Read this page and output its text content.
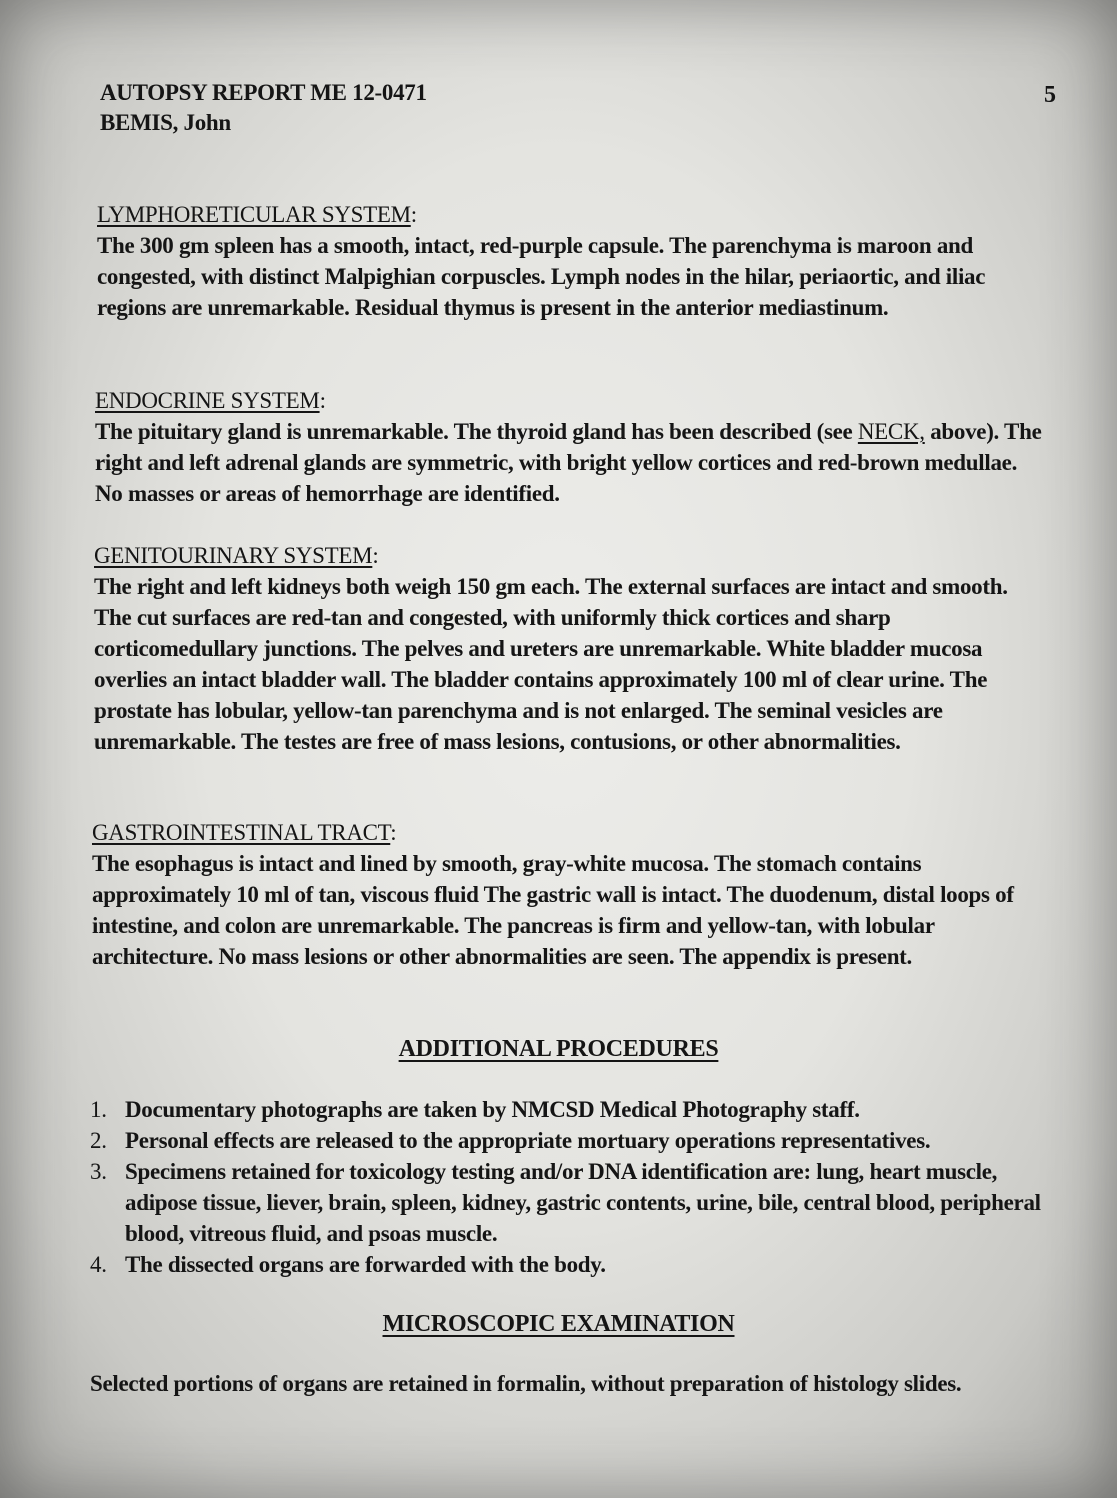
AUTOPSY REPORT ME 12-0471
BEMIS, John
5
LYMPHORETICULAR SYSTEM:

The 300 gm spleen has a smooth, intact, red-purple capsule. The parenchyma is maroon and congested, with distinct Malpighian corpuscles. Lymph nodes in the hilar, periaortic, and iliac regions are unremarkable. Residual thymus is present in the anterior mediastinum.

ENDOCRINE SYSTEM:

The pituitary gland is unremarkable. The thyroid gland has been described (see NECK, above). The right and left adrenal glands are symmetric, with bright yellow cortices and red-brown medullae. No masses or areas of hemorrhage are identified.

GENITOURINARY SYSTEM:

The right and left kidneys both weigh 150 gm each. The external surfaces are intact and smooth. The cut surfaces are red-tan and congested, with uniformly thick cortices and sharp corticomedullary junctions. The pelves and ureters are unremarkable. White bladder mucosa overlies an intact bladder wall. The bladder contains approximately 100 ml of clear urine. The prostate has lobular, yellow-tan parenchyma and is not enlarged. The seminal vesicles are unremarkable. The testes are free of mass lesions, contusions, or other abnormalities.

GASTROINTESTINAL TRACT:

The esophagus is intact and lined by smooth, gray-white mucosa. The stomach contains approximately 10 ml of tan, viscous fluid The gastric wall is intact. The duodenum, distal loops of intestine, and colon are unremarkable. The pancreas is firm and yellow-tan, with lobular architecture. No mass lesions or other abnormalities are seen. The appendix is present.

ADDITIONAL PROCEDURES
1. Documentary photographs are taken by NMCSD Medical Photography staff.
2. Personal effects are released to the appropriate mortuary operations representatives.
3. Specimens retained for toxicology testing and/or DNA identification are: lung, heart muscle, adipose tissue, liever, brain, spleen, kidney, gastric contents, urine, bile, central blood, peripheral blood, vitreous fluid, and psoas muscle.
4. The dissected organs are forwarded with the body.
MICROSCOPIC EXAMINATION
Selected portions of organs are retained in formalin, without preparation of histology slides.
